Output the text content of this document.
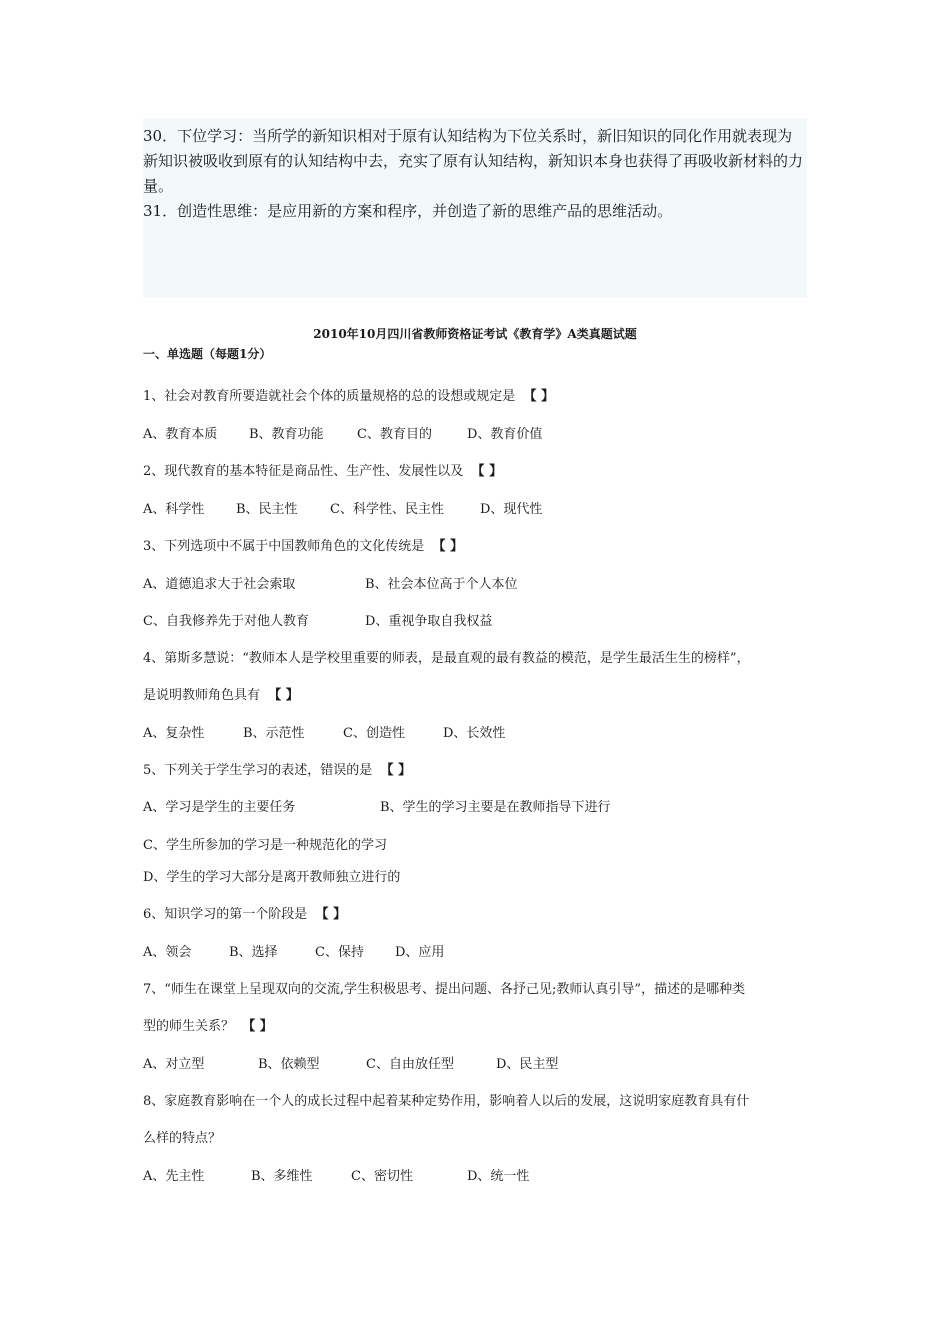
30．下位学习：当所学的新知识相对于原有认知结构为下位关系时，新旧知识的同化作用就表现为新知识被吸收到原有的认知结构中去，充实了原有认知结构，新知识本身也获得了再吸收新材料的力量。

31．创造性思维：是应用新的方案和程序，并创造了新的思维产品的思维活动。

2010年10月四川省教师资格证考试《教育学》A类真题试题

一、单选题（每题1分）

1、社会对教育所要造就社会个体的质量规格的总的设想或规定是 【 】

A、教育本质 B、教育功能	C、教育目的	D、教育价值

2、现代教育的基本特征是商品性、生产性、发展性以及 【 】

A、科学性 B、民主性 C、科学性、民主性	D、现代性

3、下列选项中不属于中国教师角色的文化传统是 【 】

A、道德追求大于社会索取	B、社会本位高于个人本位

C、自我修养先于对他人教育	D、重视争取自我权益

4、第斯多慧说：“教师本人是学校里重要的师表，是最直观的最有教益的模范，是学生最活生生的榜样”，

是说明教师角色具有 【 】

A、复杂性	B、示范性	C、创造性	D、长效性

5、下列关于学生学习的表述，错误的是 【 】

A、学习是学生的主要任务	B、学生的学习主要是在教师指导下进行

C、学生所参加的学习是一种规范化的学习

D、学生的学习大部分是离开教师独立进行的

6、知识学习的第一个阶段是 【 】

A、领会	B、选择	C、保持 D、应用

7、“师生在课堂上呈现双向的交流,学生积极思考、提出问题、各抒己见;教师认真引导”，描述的是哪种类

型的师生关系？ 【 】

A、对立型	B、依赖型	C、自由放任型	D、民主型

8、家庭教育影响在一个人的成长过程中起着某种定势作用，影响着人以后的发展，这说明家庭教育具有什

么样的特点？

A、先主性	B、多维性	C、密切性	D、统一性
